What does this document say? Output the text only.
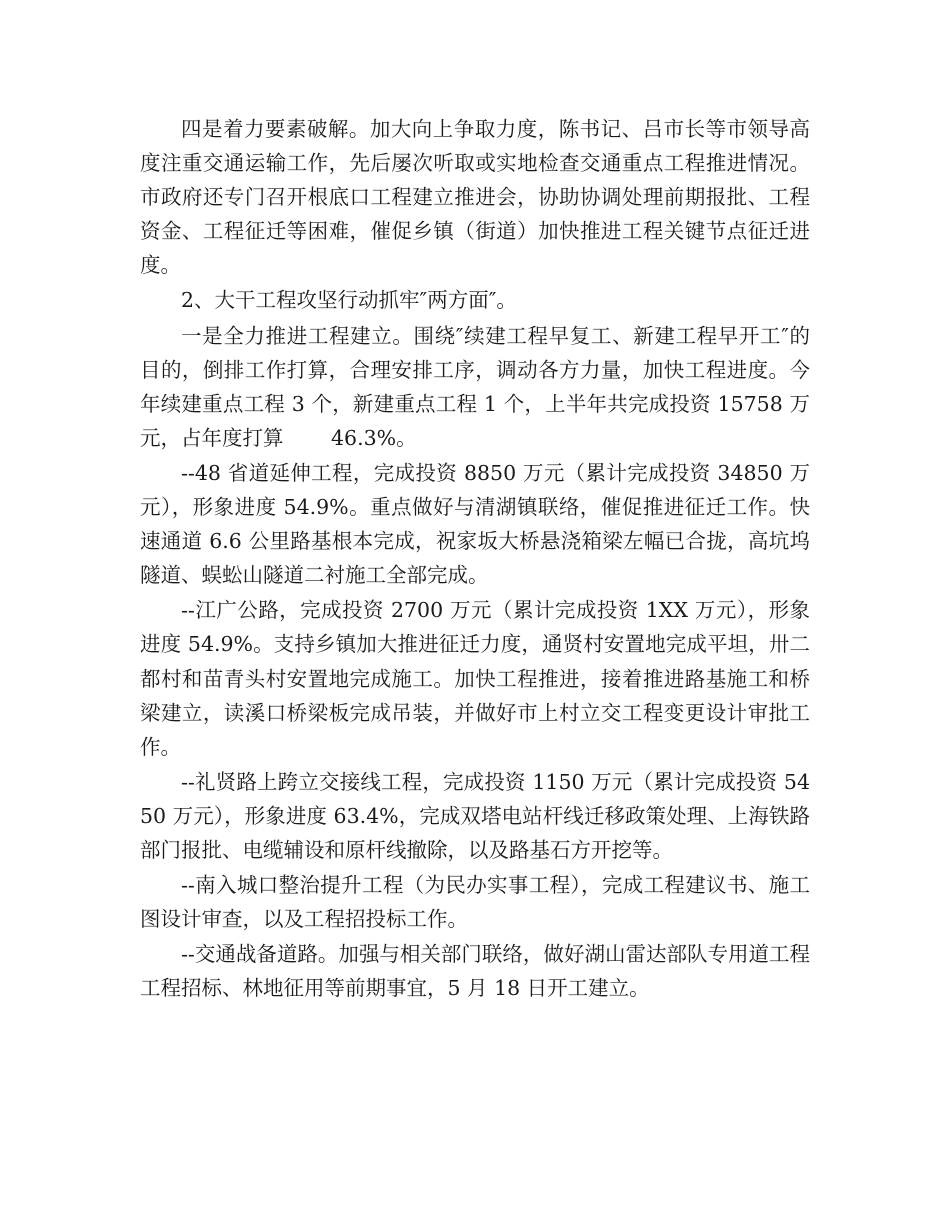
四是着力要素破解。加大向上争取力度，陈书记、吕市长等市领导高度注重交通运输工作，先后屡次听取或实地检查交通重点工程推进情况。市政府还专门召开根底口工程建立推进会，协助协调处理前期报批、工程资金、工程征迁等困难，催促乡镇（街道）加快推进工程关键节点征迁进度。

2、大干工程攻坚行动抓牢″两方面″。

一是全力推进工程建立。围绕″续建工程早复工、新建工程早开工″的目的，倒排工作打算，合理安排工序，调动各方力量，加快工程进度。今年续建重点工程 3 个，新建重点工程 1 个，上半年共完成投资 15758 万元，占年度打算 　　46.3%。

--48 省道延伸工程，完成投资 8850 万元（累计完成投资 34850 万元），形象进度 54.9%。重点做好与清湖镇联络，催促推进征迁工作。快速通道 6.6 公里路基根本完成，祝家坂大桥悬浇箱梁左幅已合拢，高坑坞隧道、蜈蚣山隧道二衬施工全部完成。

--江广公路，完成投资 2700 万元（累计完成投资 1XX 万元），形象进度 54.9%。支持乡镇加大推进征迁力度，通贤村安置地完成平坦，卅二都村和苗青头村安置地完成施工。加快工程推进，接着推进路基施工和桥梁建立，读溪口桥梁板完成吊装，并做好市上村立交工程变更设计审批工作。

--礼贤路上跨立交接线工程，完成投资 1150 万元（累计完成投资 5450 万元），形象进度 63.4%，完成双塔电站杆线迁移政策处理、上海铁路部门报批、电缆辅设和原杆线撤除，以及路基石方开挖等。

--南入城口整治提升工程（为民办实事工程），完成工程建议书、施工图设计审查，以及工程招投标工作。

--交通战备道路。加强与相关部门联络，做好湖山雷达部队专用道工程工程招标、林地征用等前期事宜，5 月 18 日开工建立。
